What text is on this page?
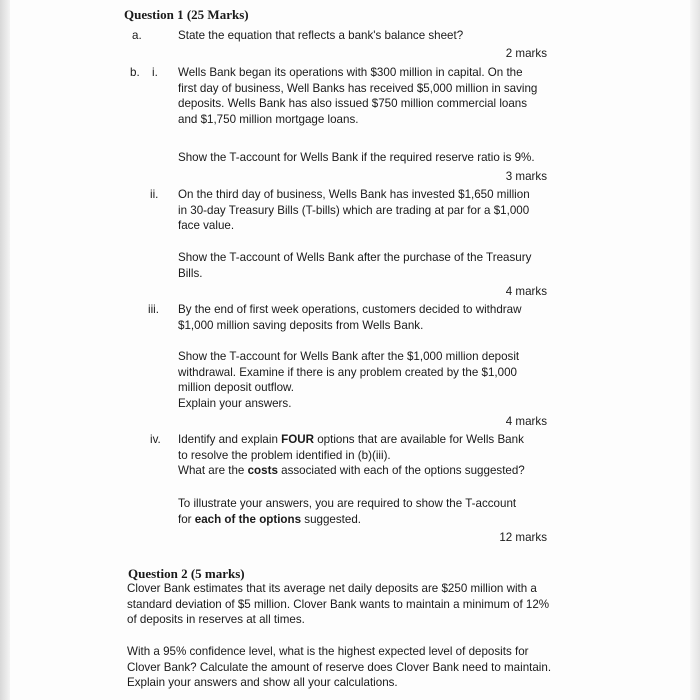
Question 1 (25 Marks)
a.	State the equation that reflects a bank's balance sheet?
2 marks
b. i. Wells Bank began its operations with $300 million in capital. On the

first day of business, Well Banks has received $5,000 million in saving

deposits. Wells Bank has also issued $750 million commercial loans

and $1,750 million mortgage loans.

Show the T-account for Wells Bank if the required reserve ratio is 9%.
3 marks
ii. On the third day of business, Wells Bank has invested $1,650 million

in 30-day Treasury Bills (T-bills) which are trading at par for a $1,000

face value.

Show the T-account of Wells Bank after the purchase of the Treasury

Bills.

4 marks
iii. By the end of first week operations, customers decided to withdraw

$1,000 million saving deposits from Wells Bank.

Show the T-account for Wells Bank after the $1,000 million deposit

withdrawal. Examine if there is any problem created by the $1,000

million deposit outflow.

Explain your answers.

4 marks
iv. Identify and explain FOUR options that are available for Wells Bank

to resolve the problem identified in (b)(iii).

What are the costs associated with each of the options suggested?

To illustrate your answers, you are required to show the T-account

for each of the options suggested.

12 marks
Question 2 (5 marks)

Clover Bank estimates that its average net daily deposits are $250 million with a

standard deviation of $5 million. Clover Bank wants to maintain a minimum of 12%

of deposits in reserves at all times.

With a 95% confidence level, what is the highest expected level of deposits for

Clover Bank? Calculate the amount of reserve does Clover Bank need to maintain.

Explain your answers and show all your calculations.
